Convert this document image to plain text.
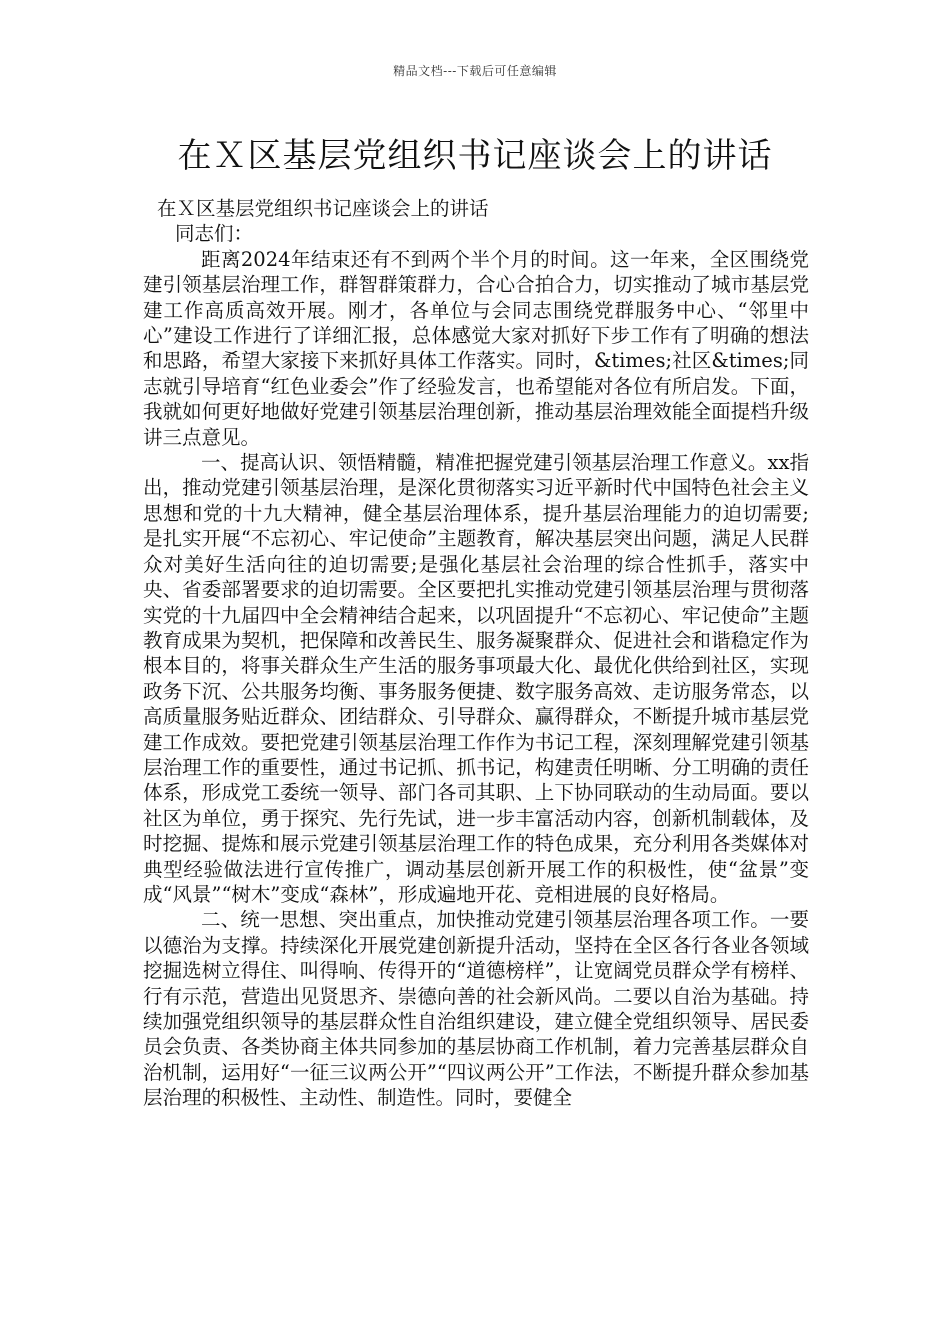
精品文档---下载后可任意编辑
在Ｘ区基层党组织书记座谈会上的讲话

在Ｘ区基层党组织书记座谈会上的讲话

同志们：

距离2024年结束还有不到两个半个月的时间。这一年来，全区围绕党建引领基层治理工作，群智群策群力，合心合拍合力，切实推动了城市基层党建工作高质高效开展。刚才，各单位与会同志围绕党群服务中心、“邻里中心”建设工作进行了详细汇报，总体感觉大家对抓好下步工作有了明确的想法和思路，希望大家接下来抓好具体工作落实。同时，&times;社区&times;同志就引导培育“红色业委会”作了经验发言，也希望能对各位有所启发。下面，我就如何更好地做好党建引领基层治理创新，推动基层治理效能全面提档升级讲三点意见。

一、提高认识、领悟精髓，精准把握党建引领基层治理工作意义。xx指出，推动党建引领基层治理，是深化贯彻落实习近平新时代中国特色社会主义思想和党的十九大精神，健全基层治理体系，提升基层治理能力的迫切需要;是扎实开展“不忘初心、牢记使命”主题教育，解决基层突出问题，满足人民群众对美好生活向往的迫切需要;是强化基层社会治理的综合性抓手，落实中央、省委部署要求的迫切需要。全区要把扎实推动党建引领基层治理与贯彻落实党的十九届四中全会精神结合起来，以巩固提升“不忘初心、牢记使命”主题教育成果为契机，把保障和改善民生、服务凝聚群众、促进社会和谐稳定作为根本目的，将事关群众生产生活的服务事项最大化、最优化供给到社区，实现政务下沉、公共服务均衡、事务服务便捷、数字服务高效、走访服务常态，以高质量服务贴近群众、团结群众、引导群众、赢得群众，不断提升城市基层党建工作成效。要把党建引领基层治理工作作为书记工程，深刻理解党建引领基层治理工作的重要性，通过书记抓、抓书记，构建责任明晰、分工明确的责任体系，形成党工委统一领导、部门各司其职、上下协同联动的生动局面。要以社区为单位，勇于探究、先行先试，进一步丰富活动内容，创新机制载体，及时挖掘、提炼和展示党建引领基层治理工作的特色成果，充分利用各类媒体对典型经验做法进行宣传推广，调动基层创新开展工作的积极性，使“盆景”变成“风景”“树木”变成“森林”，形成遍地开花、竞相进展的良好格局。

二、统一思想、突出重点，加快推动党建引领基层治理各项工作。一要以德治为支撑。持续深化开展党建创新提升活动，坚持在全区各行各业各领域挖掘选树立得住、叫得响、传得开的“道德榜样”，让宽阔党员群众学有榜样、行有示范，营造出见贤思齐、崇德向善的社会新风尚。二要以自治为基础。持续加强党组织领导的基层群众性自治组织建设，建立健全党组织领导、居民委员会负责、各类协商主体共同参加的基层协商工作机制，着力完善基层群众自治机制，运用好“一征三议两公开”“四议两公开”工作法，不断提升群众参加基层治理的积极性、主动性、制造性。同时，要健全
